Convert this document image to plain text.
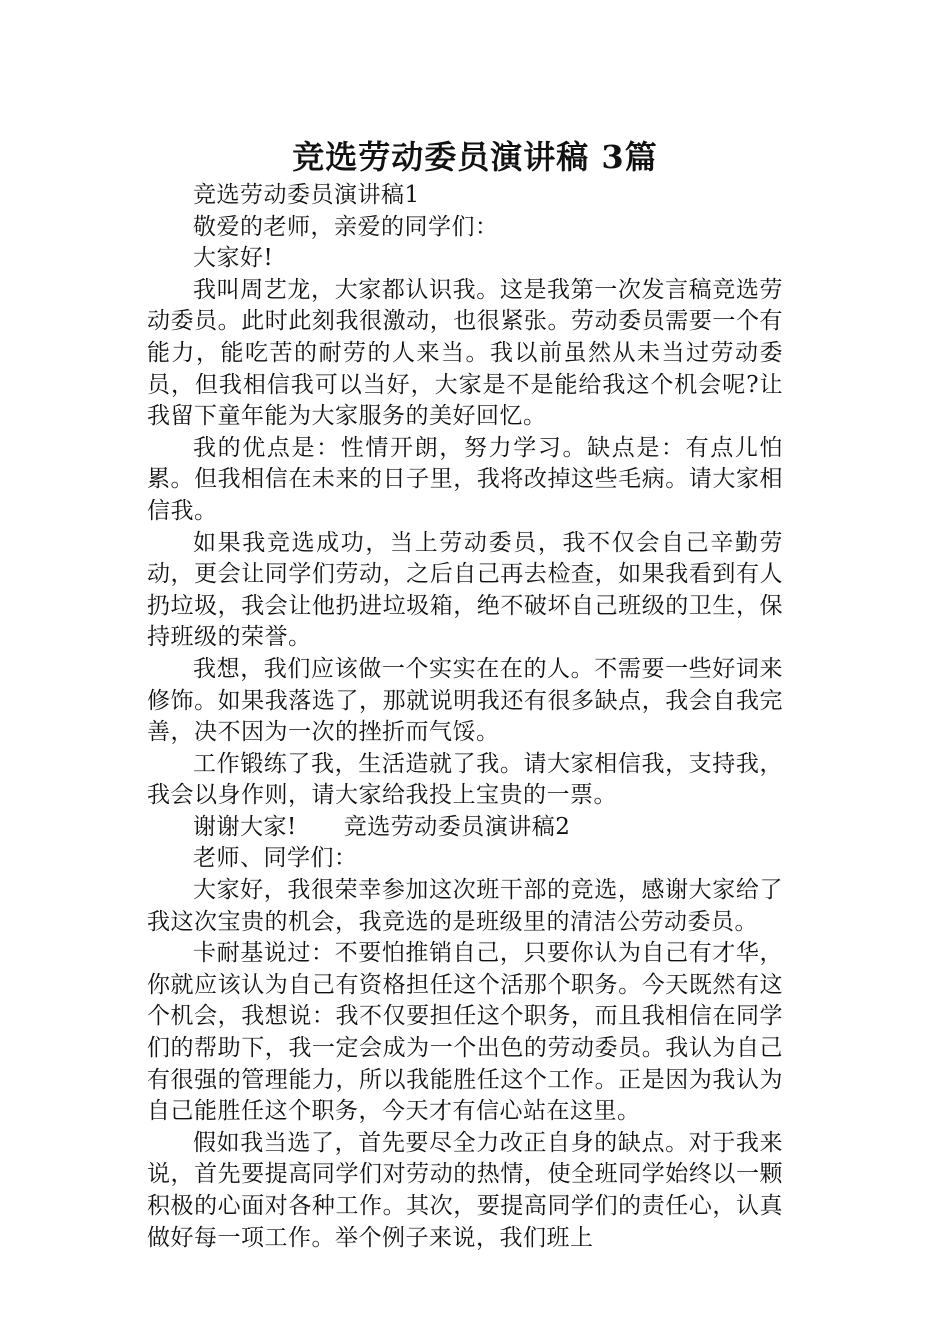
竞选劳动委员演讲稿 3篇

竞选劳动委员演讲稿1

敬爱的老师，亲爱的同学们：

大家好!

我叫周艺龙，大家都认识我。这是我第一次发言稿竞选劳动委员。此时此刻我很激动，也很紧张。劳动委员需要一个有能力，能吃苦的耐劳的人来当。我以前虽然从未当过劳动委员，但我相信我可以当好，大家是不是能给我这个机会呢?让我留下童年能为大家服务的美好回忆。

我的优点是：性情开朗，努力学习。缺点是：有点儿怕累。但我相信在未来的日子里，我将改掉这些毛病。请大家相信我。

如果我竞选成功，当上劳动委员，我不仅会自己辛勤劳动，更会让同学们劳动，之后自己再去检查，如果我看到有人扔垃圾，我会让他扔进垃圾箱，绝不破坏自己班级的卫生，保持班级的荣誉。

我想，我们应该做一个实实在在的人。不需要一些好词来修饰。如果我落选了，那就说明我还有很多缺点，我会自我完善，决不因为一次的挫折而气馁。

工作锻练了我，生活造就了我。请大家相信我，支持我，我会以身作则，请大家给我投上宝贵的一票。

谢谢大家!　　竞选劳动委员演讲稿2

老师、同学们：

大家好，我很荣幸参加这次班干部的竞选，感谢大家给了我这次宝贵的机会，我竞选的是班级里的清洁公劳动委员。

卡耐基说过：不要怕推销自己，只要你认为自己有才华，你就应该认为自己有资格担任这个活那个职务。今天既然有这个机会，我想说：我不仅要担任这个职务，而且我相信在同学们的帮助下，我一定会成为一个出色的劳动委员。我认为自己有很强的管理能力，所以我能胜任这个工作。正是因为我认为自己能胜任这个职务，今天才有信心站在这里。

假如我当选了，首先要尽全力改正自身的缺点。对于我来说，首先要提高同学们对劳动的热情，使全班同学始终以一颗积极的心面对各种工作。其次，要提高同学们的责任心，认真做好每一项工作。举个例子来说，我们班上
